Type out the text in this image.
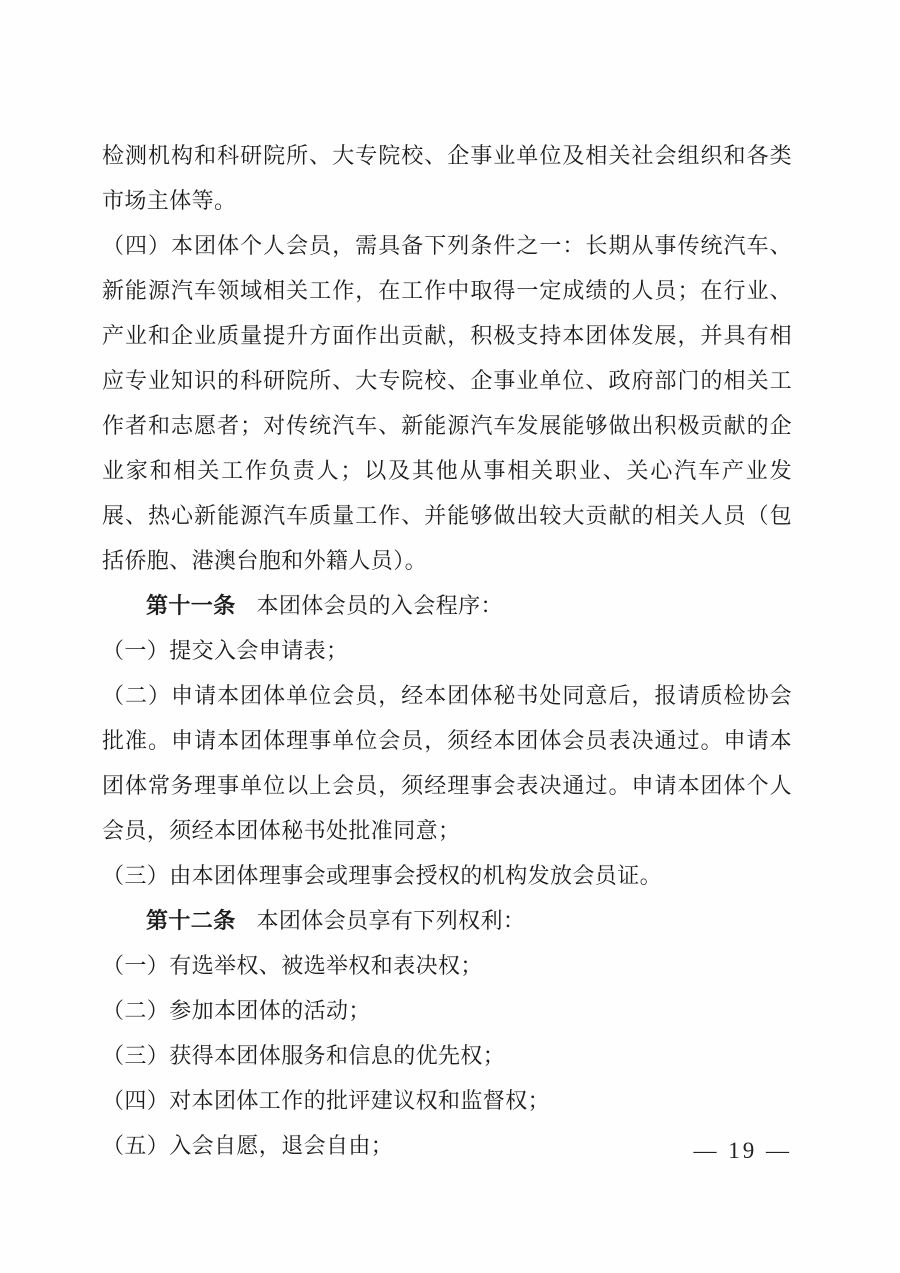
检测机构和科研院所、大专院校、企事业单位及相关社会组织和各类市场主体等。

（四）本团体个人会员，需具备下列条件之一：长期从事传统汽车、新能源汽车领域相关工作，在工作中取得一定成绩的人员；在行业、产业和企业质量提升方面作出贡献，积极支持本团体发展，并具有相应专业知识的科研院所、大专院校、企事业单位、政府部门的相关工作者和志愿者；对传统汽车、新能源汽车发展能够做出积极贡献的企业家和相关工作负责人；以及其他从事相关职业、关心汽车产业发展、热心新能源汽车质量工作、并能够做出较大贡献的相关人员（包括侨胞、港澳台胞和外籍人员）。

第十一条 本团体会员的入会程序：

（一）提交入会申请表；

（二）申请本团体单位会员，经本团体秘书处同意后，报请质检协会批准。申请本团体理事单位会员，须经本团体会员表决通过。申请本团体常务理事单位以上会员，须经理事会表决通过。申请本团体个人会员，须经本团体秘书处批准同意；

（三）由本团体理事会或理事会授权的机构发放会员证。

第十二条 本团体会员享有下列权利：

（一）有选举权、被选举权和表决权；

（二）参加本团体的活动；

（三）获得本团体服务和信息的优先权；

（四）对本团体工作的批评建议权和监督权；

（五）入会自愿，退会自由；	— 19 —
